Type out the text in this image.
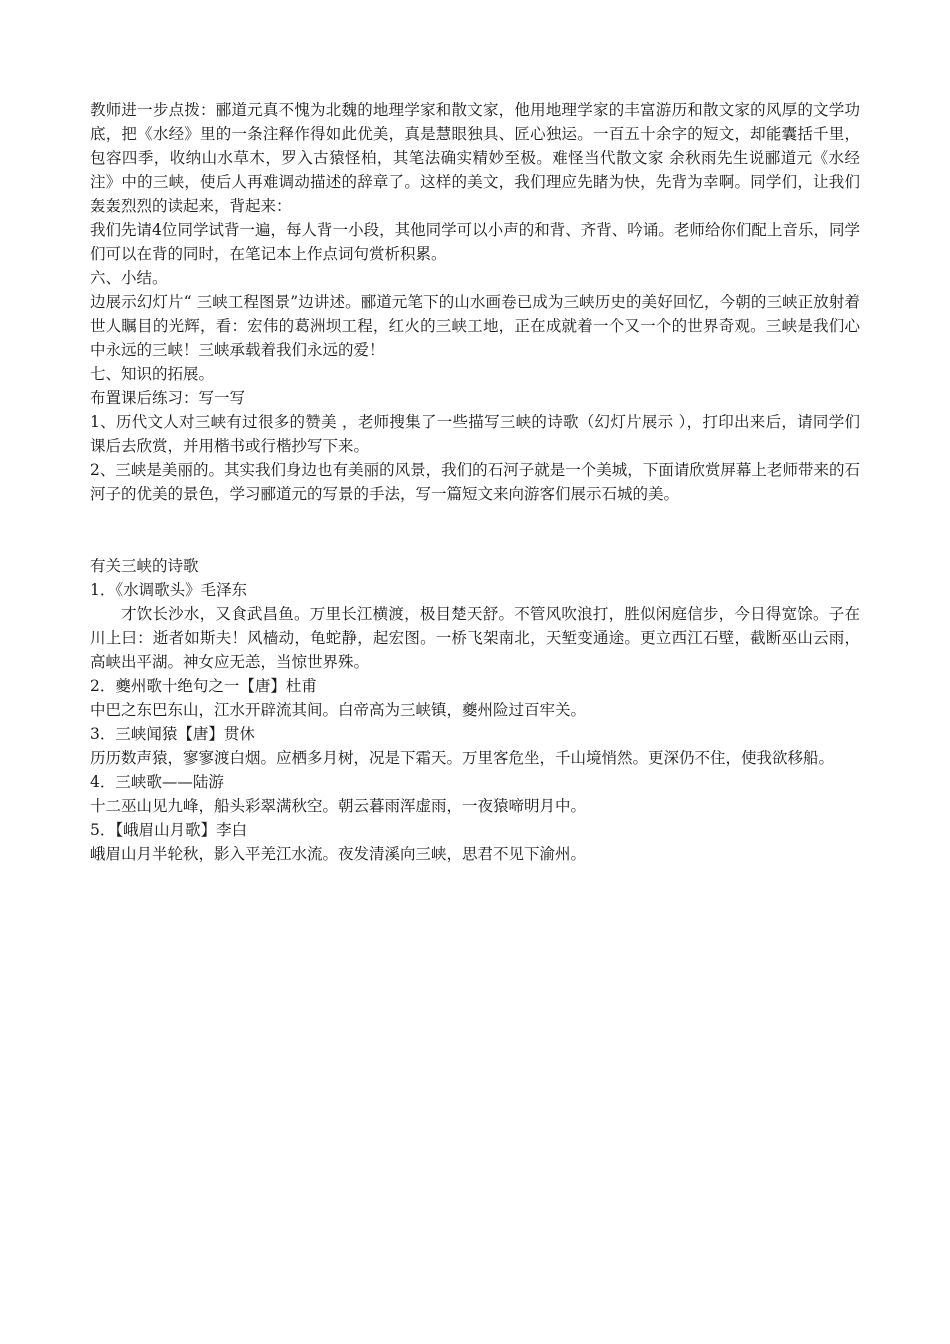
教师进一步点拨：郦道元真不愧为北魏的地理学家和散文家，他用地理学家的丰富游历和散文家的风厚的文学功底，把《水经》里的一条注释作得如此优美，真是慧眼独具、匠心独运。一百五十余字的短文，却能囊括千里，包容四季，收纳山水草木，罗入古猿怪柏，其笔法确实精妙至极。难怪当代散文家 余秋雨先生说郦道元《水经注》中的三峡，使后人再难调动描述的辞章了。这样的美文，我们理应先睹为快，先背为幸啊。同学们，让我们轰轰烈烈的读起来，背起来：

我们先请4位同学试背一遍，每人背一小段，其他同学可以小声的和背、齐背、吟诵。老师给你们配上音乐，同学们可以在背的同时，在笔记本上作点词句赏析积累。

六、小结。

边展示幻灯片“ 三峡工程图景”边讲述。郦道元笔下的山水画卷已成为三峡历史的美好回忆，今朝的三峡正放射着世人瞩目的光辉，看：宏伟的葛洲坝工程，红火的三峡工地，正在成就着一个又一个的世界奇观。三峡是我们心中永远的三峡！三峡承载着我们永远的爱！

七、知识的拓展。

布置课后练习：写一写

1、历代文人对三峡有过很多的赞美 ，老师搜集了一些描写三峡的诗歌（幻灯片展示 ），打印出来后，请同学们课后去欣赏，并用楷书或行楷抄写下来。

2、三峡是美丽的。其实我们身边也有美丽的风景，我们的石河子就是一个美城，下面请欣赏屏幕上老师带来的石河子的优美的景色，学习郦道元的写景的手法，写一篇短文来向游客们展示石城的美。

有关三峡的诗歌

1．《水调歌头》毛泽东

才饮长沙水，又食武昌鱼。万里长江横渡，极目楚天舒。不管风吹浪打，胜似闲庭信步，今日得宽馀。子在川上曰：逝者如斯夫！风樯动，龟蛇静，起宏图。一桥飞架南北，天堑变通途。更立西江石壁，截断巫山云雨，高峡出平湖。神女应无恙，当惊世界殊。

2．夔州歌十绝句之一【唐】杜甫

中巴之东巴东山，江水开辟流其间。白帝高为三峡镇，夔州险过百牢关。

3．三峡闻猿【唐】贯休

历历数声猿，寥寥渡白烟。应栖多月树，况是下霜天。万里客危坐，千山境悄然。更深仍不住，使我欲移船。

4．三峡歌——陆游

十二巫山见九峰，船头彩翠满秋空。朝云暮雨浑虚雨，一夜猿啼明月中。

5．【峨眉山月歌】李白

峨眉山月半轮秋，影入平羌江水流。夜发清溪向三峡，思君不见下渝州。
